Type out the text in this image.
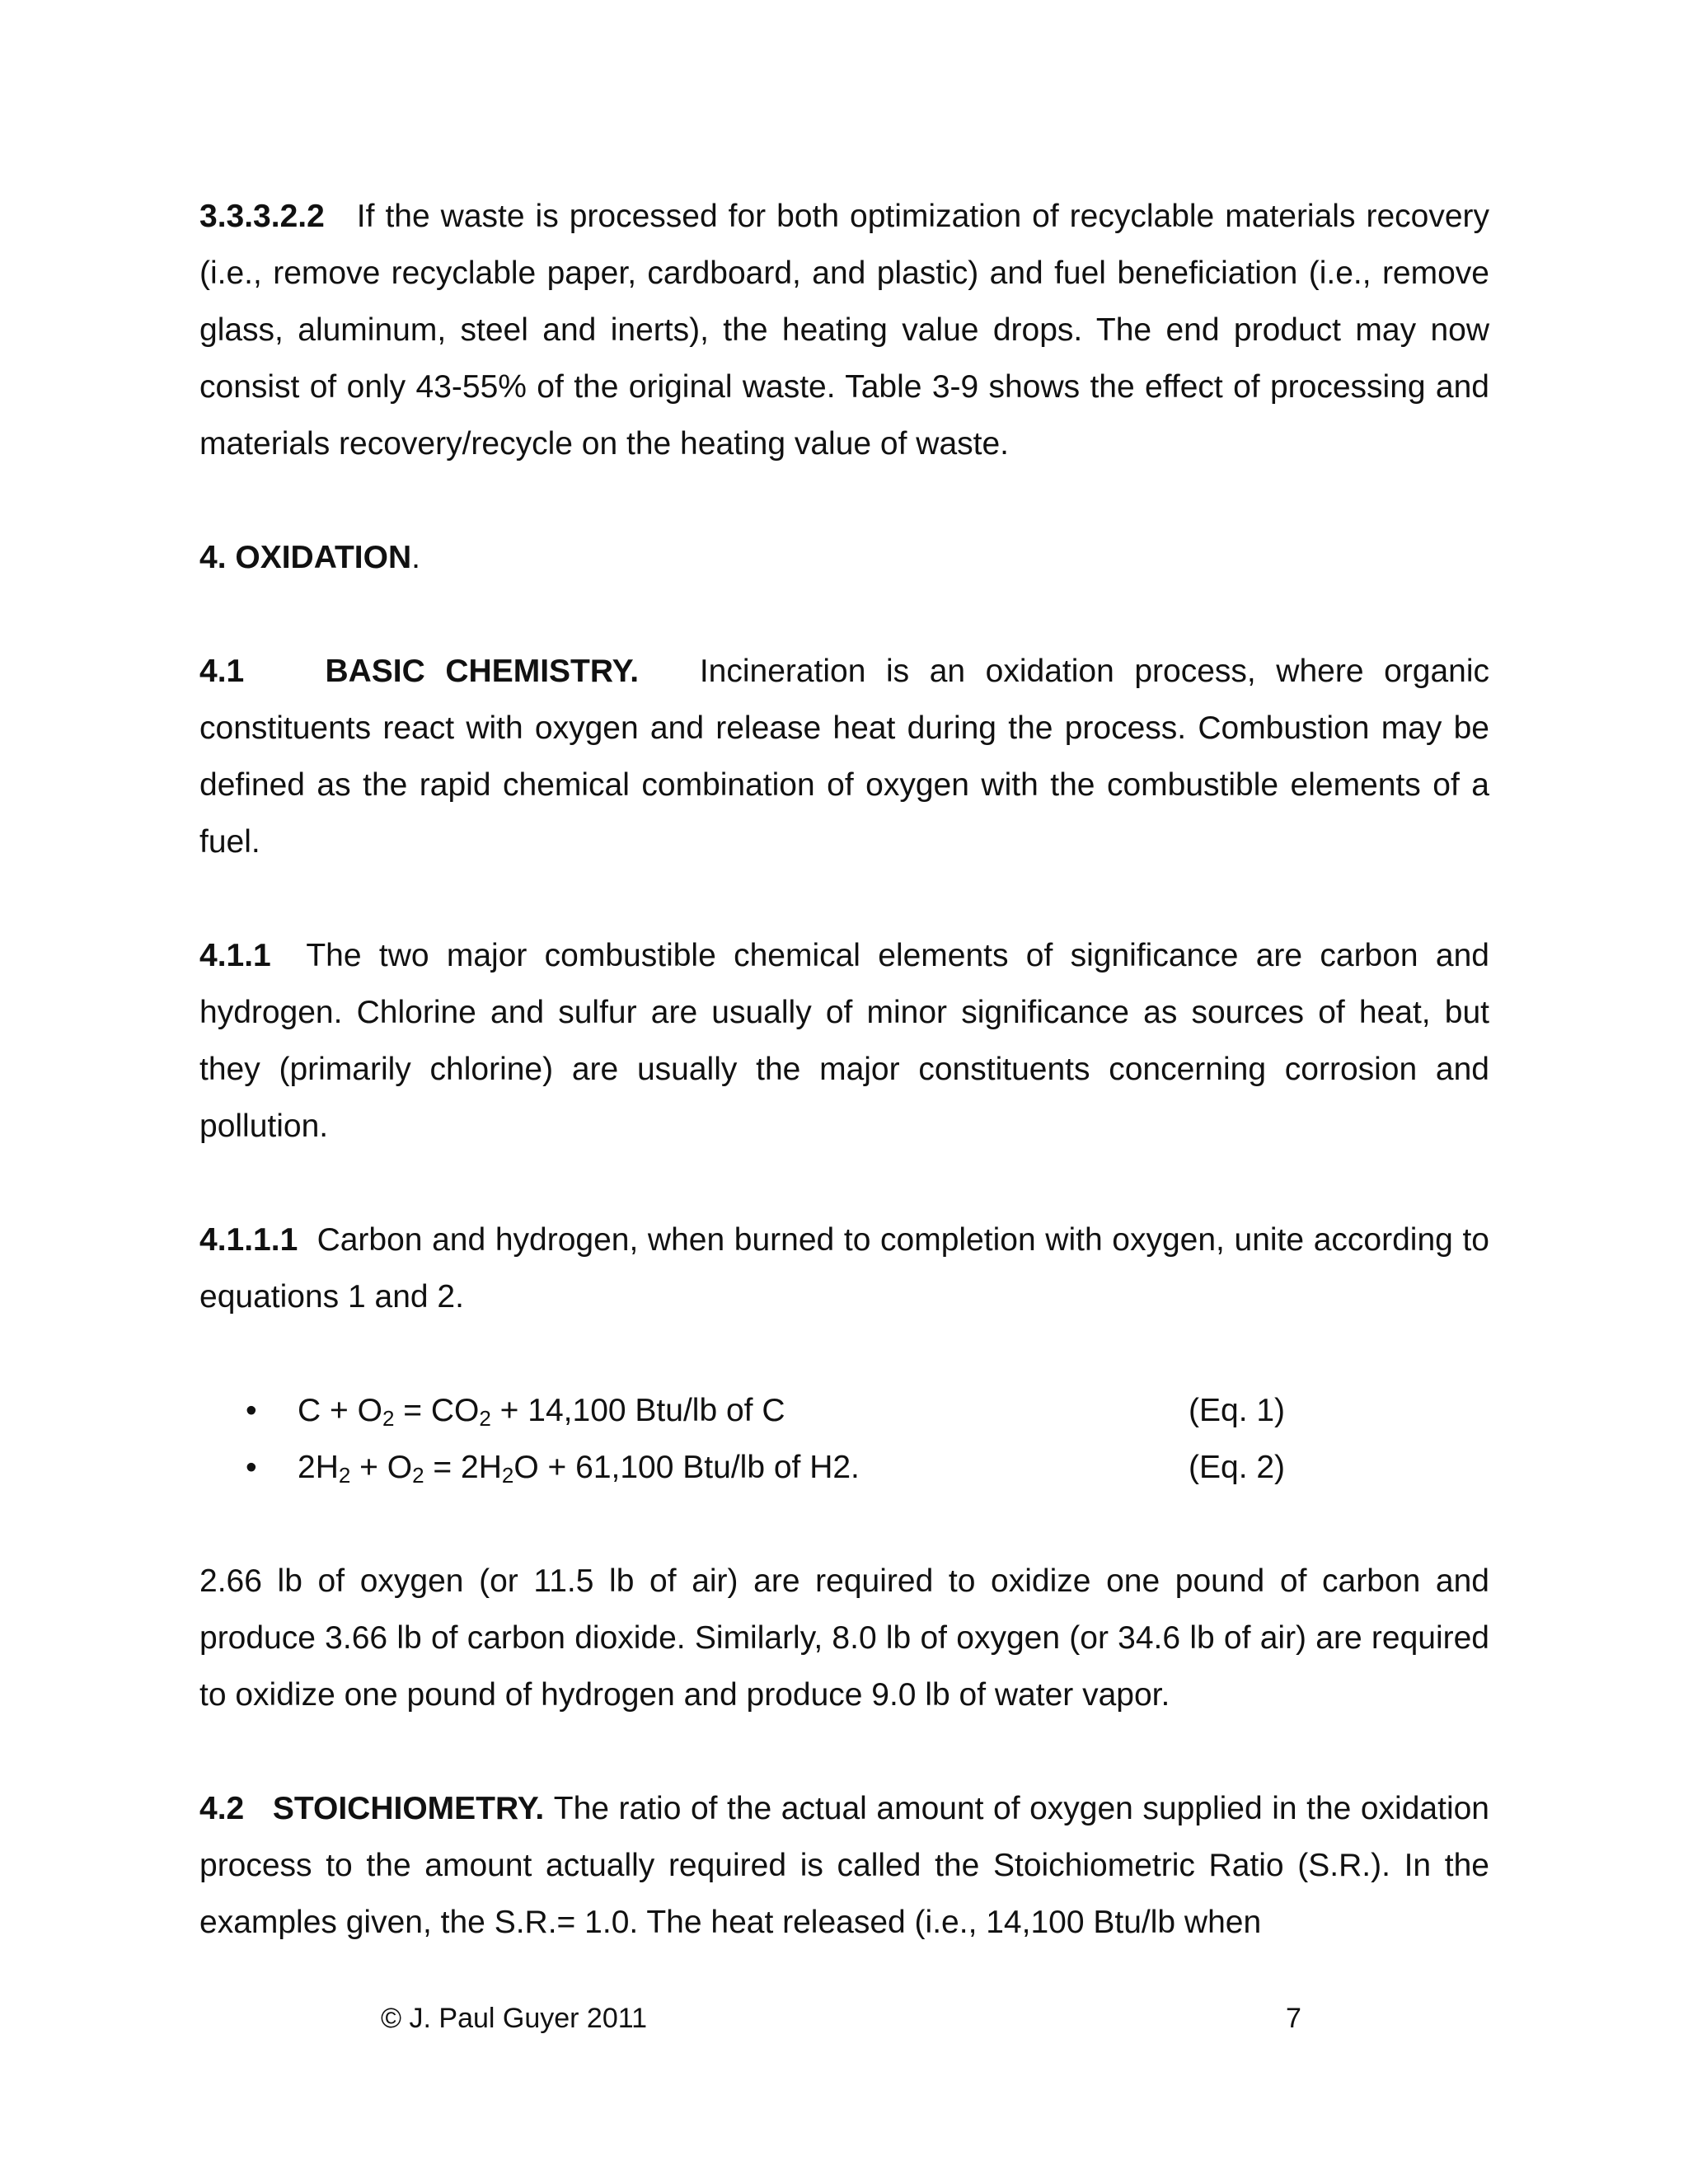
3.3.3.2.2 If the waste is processed for both optimization of recyclable materials recovery (i.e., remove recyclable paper, cardboard, and plastic) and fuel beneficiation (i.e., remove glass, aluminum, steel and inerts), the heating value drops. The end product may now consist of only 43-55% of the original waste. Table 3-9 shows the effect of processing and materials recovery/recycle on the heating value of waste.

4. OXIDATION.

4.1	BASIC CHEMISTRY. Incineration is an oxidation process, where organic constituents react with oxygen and release heat during the process. Combustion may be defined as the rapid chemical combination of oxygen with the combustible elements of a fuel.

4.1.1 The two major combustible chemical elements of significance are carbon and hydrogen. Chlorine and sulfur are usually of minor significance as sources of heat, but they (primarily chlorine) are usually the major constituents concerning corrosion and pollution.

4.1.1.1 Carbon and hydrogen, when burned to completion with oxygen, unite according to equations 1 and 2.

• $C + O_2 = CO_2 + 14,100$ Btu/lb of C	(Eq. 1)
• $2H_2 + O_2 = 2H_2O + 61,100$ Btu/lb of H2.	(Eq. 2)

2.66 lb of oxygen (or 11.5 lb of air) are required to oxidize one pound of carbon and produce 3.66 lb of carbon dioxide. Similarly, 8.0 lb of oxygen (or 34.6 lb of air) are required to oxidize one pound of hydrogen and produce 9.0 lb of water vapor.

4.2 STOICHIOMETRY. The ratio of the actual amount of oxygen supplied in the oxidation process to the amount actually required is called the Stoichiometric Ratio (S.R.). In the examples given, the S.R.= 1.0. The heat released (i.e., 14,100 Btu/lb when

© J. Paul Guyer 2011	7
